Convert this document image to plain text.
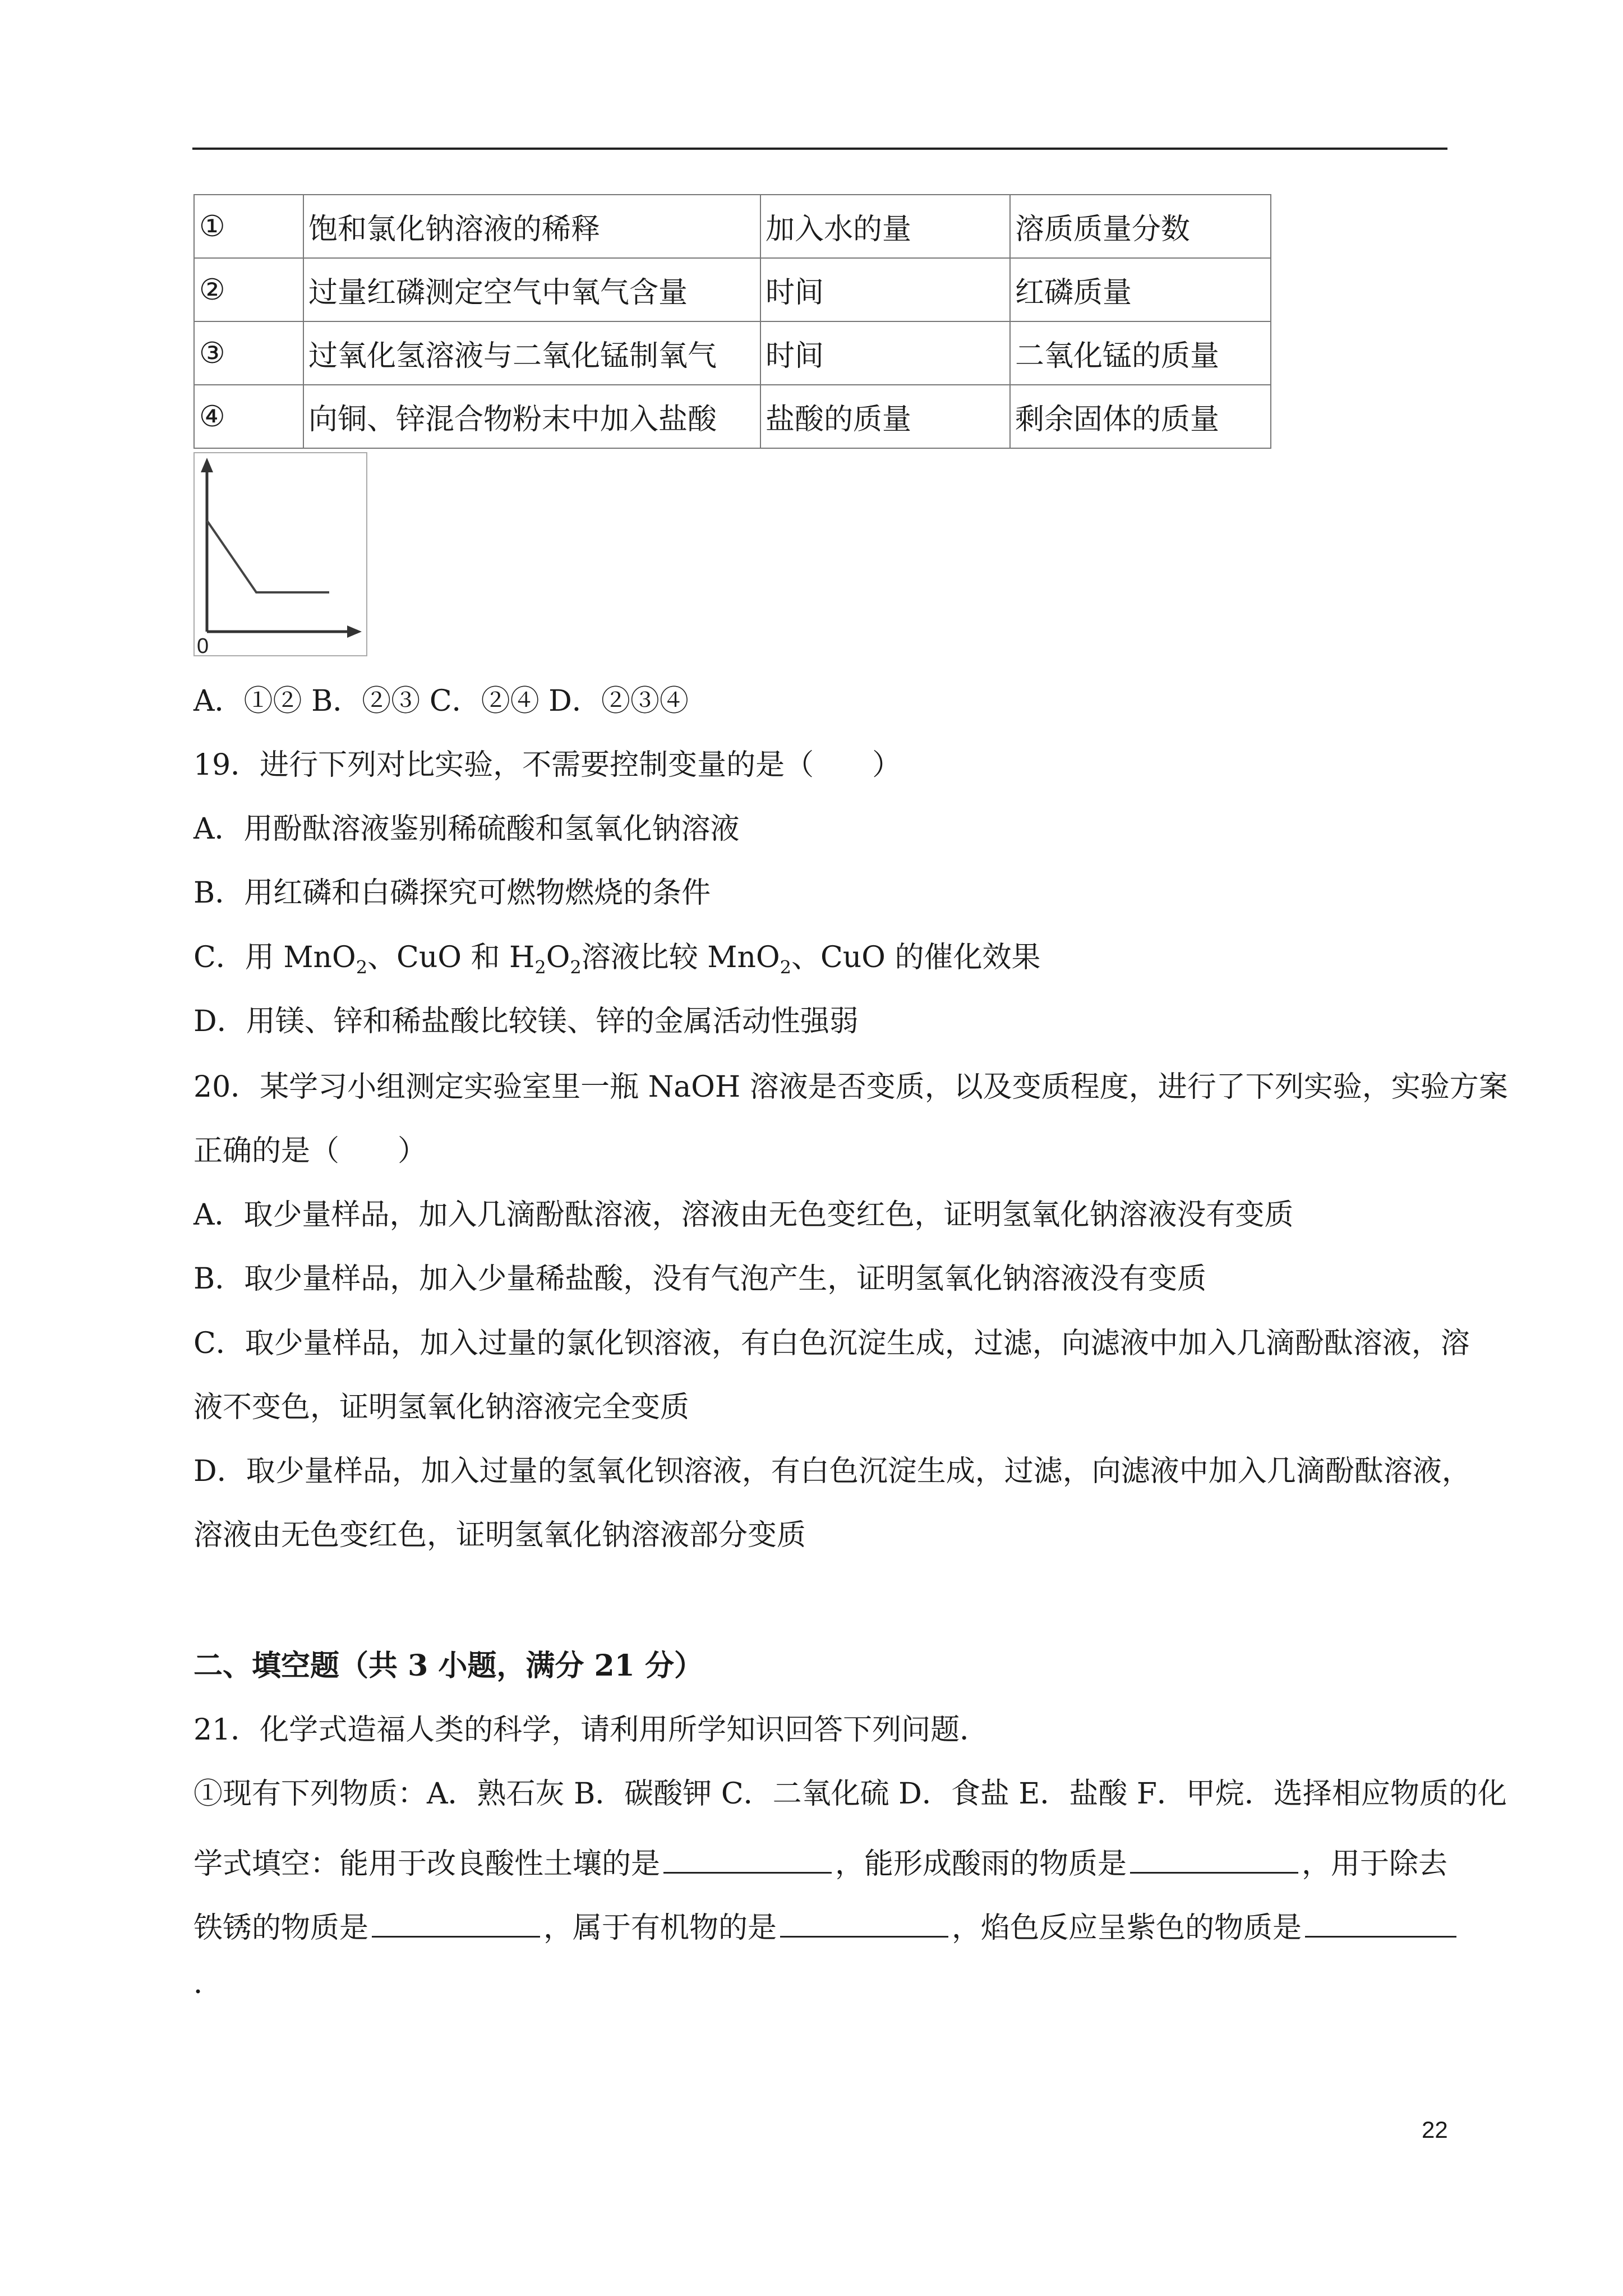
①	饱和氯化钠溶液的稀释	加入水的量	溶质质量分数
②	过量红磷测定空气中氧气含量	时间	红磷质量
③	过氧化氢溶液与二氧化锰制氧气	时间	二氧化锰的质量
④	向铜、锌混合物粉末中加入盐酸	盐酸的质量	剩余固体的质量
0
A．①② B．②③ C．②④ D．②③④
19．进行下列对比实验，不需要控制变量的是（　　）
A．用酚酞溶液鉴别稀硫酸和氢氧化钠溶液
B．用红磷和白磷探究可燃物燃烧的条件
C．用 MnO$_2$、CuO 和 $H_2O_2$溶液比较 MnO$_2$、CuO 的催化效果
D．用镁、锌和稀盐酸比较镁、锌的金属活动性强弱
20．某学习小组测定实验室里一瓶 NaOH 溶液是否变质，以及变质程度，进行了下列实验，实验方案
正确的是（　　）
A．取少量样品，加入几滴酚酞溶液，溶液由无色变红色，证明氢氧化钠溶液没有变质
B．取少量样品，加入少量稀盐酸，没有气泡产生，证明氢氧化钠溶液没有变质
C．取少量样品，加入过量的氯化钡溶液，有白色沉淀生成，过滤，向滤液中加入几滴酚酞溶液，溶
液不变色，证明氢氧化钠溶液完全变质
D．取少量样品，加入过量的氢氧化钡溶液，有白色沉淀生成，过滤，向滤液中加入几滴酚酞溶液，
溶液由无色变红色，证明氢氧化钠溶液部分变质
二、填空题（共 3 小题，满分 21 分）
21．化学式造福人类的科学，请利用所学知识回答下列问题．
①现有下列物质：A．熟石灰 B．碳酸钾 C．二氧化硫 D．食盐 E．盐酸 F．甲烷．选择相应物质的化
学式填空：能用于改良酸性土壤的是	，能形成酸雨的物质是	，用于除去
铁锈的物质是	，属于有机物的是	，焰色反应呈紫色的物质是
．
22
